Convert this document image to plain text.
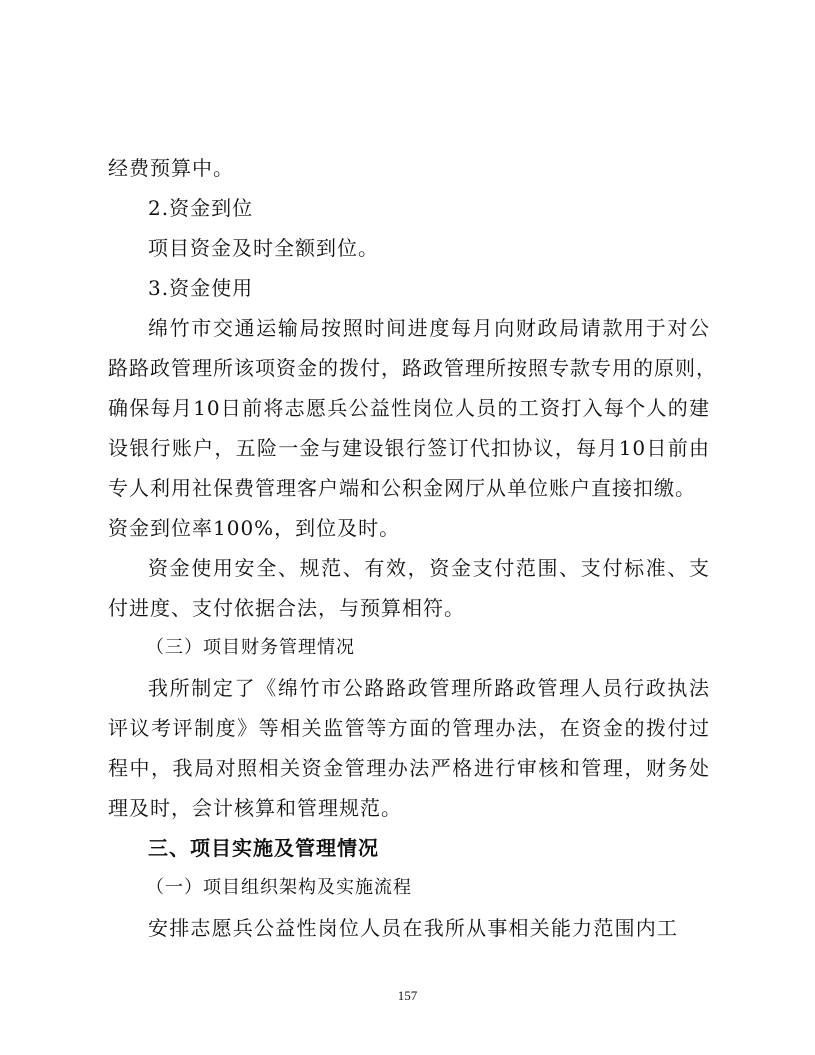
经费预算中。
2.资金到位
项目资金及时全额到位。
3.资金使用
绵竹市交通运输局按照时间进度每月向财政局请款用于对公
路路政管理所该项资金的拨付，路政管理所按照专款专用的原则，
确保每月10日前将志愿兵公益性岗位人员的工资打入每个人的建
设银行账户，五险一金与建设银行签订代扣协议，每月10日前由
专人利用社保费管理客户端和公积金网厅从单位账户直接扣缴。
资金到位率100%，到位及时。
资金使用安全、规范、有效，资金支付范围、支付标准、支
付进度、支付依据合法，与预算相符。
（三）项目财务管理情况
我所制定了《绵竹市公路路政管理所路政管理人员行政执法
评议考评制度》等相关监管等方面的管理办法，在资金的拨付过
程中，我局对照相关资金管理办法严格进行审核和管理，财务处
理及时，会计核算和管理规范。
三、项目实施及管理情况
（一）项目组织架构及实施流程
安排志愿兵公益性岗位人员在我所从事相关能力范围内工
157
